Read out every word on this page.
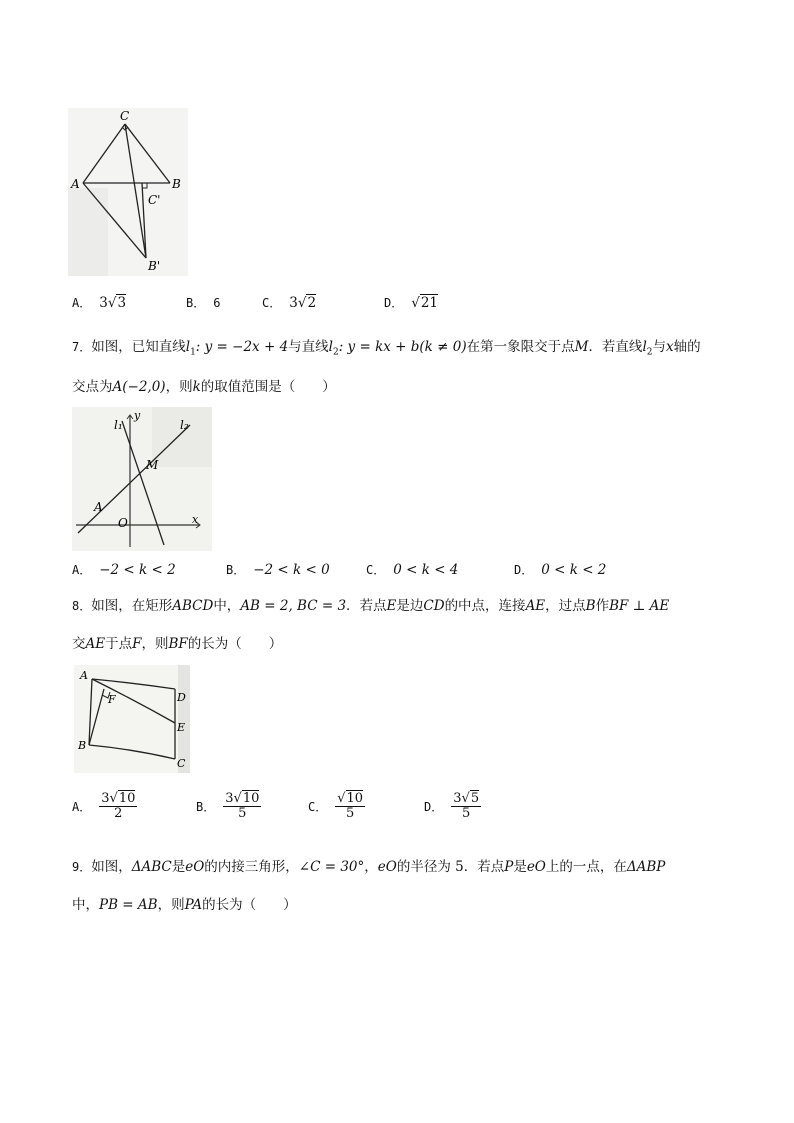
C
A	B
C'
B'
A． 3√3	B． 6	C． 3√2	D． √21
7．如图，已知直线$l_1$: y = −2x + 4与直线$l_2$: y = kx + b(k ≠ 0)在第一象限交于点M．若直线$l_2$与x轴的
交点为A(−2,0)，则k的取值范围是（　　）
l₁
y
l₂
M
A
O	x
A． −2 < k < 2	B． −2 < k < 0	C． 0 < k < 4	D． 0 < k < 2
8．如图，在矩形ABCD中，AB = 2, BC = 3．若点E是边CD的中点，连接AE，过点B作BF ⊥ AE
交AE于点F，则BF的长为（　　）
A
F	D
E
B
C
A． $\frac{3√10}{2}$	B． $\frac{3√10}{5}$	C． $\frac{√10}{5}$	D． $\frac{3√5}{5}$
9．如图，ΔABC是eO的内接三角形，∠C = 30°，eO的半径为 5．若点P是eO上的一点，在ΔABP
中，PB = AB，则PA的长为（　　）
